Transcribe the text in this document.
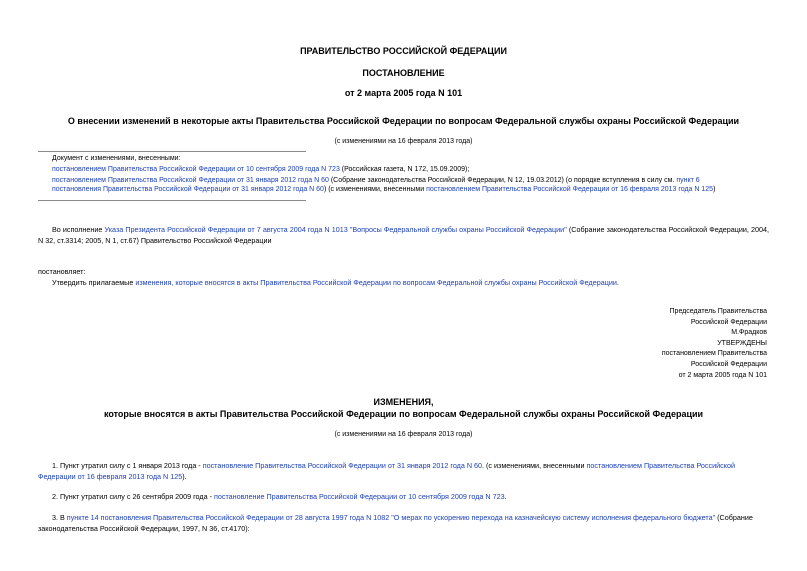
ПРАВИТЕЛЬСТВО РОССИЙСКОЙ ФЕДЕРАЦИИ
ПОСТАНОВЛЕНИЕ
от 2 марта 2005 года N 101
О внесении изменений в некоторые акты Правительства Российской Федерации по вопросам Федеральной службы охраны Российской Федерации
(с изменениями на 16 февраля 2013 года)
Документ с изменениями, внесенными:
постановлением Правительства Российской Федерации от 10 сентября 2009 года N 723 (Российская газета, N 172, 15.09.2009);
постановлением Правительства Российской Федерации от 31 января 2012 года N 60 (Собрание законодательства Российской Федерации, N 12, 19.03.2012) (о порядке вступления в силу см. пункт 6
постановления Правительства Российской Федерации от 31 января 2012 года N 60) (с изменениями, внесенными постановлением Правительства Российской Федерации от 16 февраля 2013 года N 125)
Во исполнение Указа Президента Российской Федерации от 7 августа 2004 года N 1013 "Вопросы Федеральной службы охраны Российской Федерации" (Собрание законодательства Российской Федерации, 2004, N 32, ст.3314; 2005, N 1, ст.67) Правительство Российской Федерации
постановляет:
Утвердить прилагаемые изменения, которые вносятся в акты Правительства Российской Федерации по вопросам Федеральной службы охраны Российской Федерации.
Председатель Правительства
Российской Федерации
М.Фрадков
УТВЕРЖДЕНЫ
постановлением Правительства
Российской Федерации
от 2 марта 2005 года N 101
ИЗМЕНЕНИЯ,
которые вносятся в акты Правительства Российской Федерации по вопросам Федеральной службы охраны Российской Федерации
(с изменениями на 16 февраля 2013 года)
1. Пункт утратил силу с 1 января 2013 года - постановление Правительства Российской Федерации от 31 января 2012 года N 60. (с изменениями, внесенными постановлением Правительства Российской
Федерации от 16 февраля 2013 года N 125).
2. Пункт утратил силу с 26 сентября 2009 года - постановление Правительства Российской Федерации от 10 сентября 2009 года N 723.
3. В пункте 14 постановления Правительства Российской Федерации от 28 августа 1997 года N 1082 "О мерах по ускорению перехода на казначейскую систему исполнения федерального бюджета" (Собрание
законодательства Российской Федерации, 1997, N 36, ст.4170):
